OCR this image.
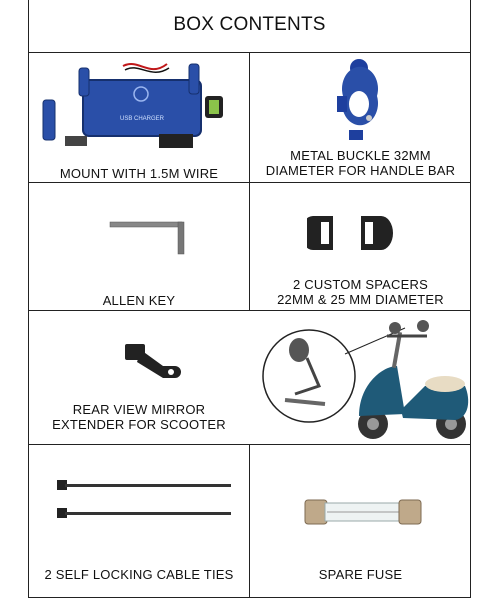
BOX CONTENTS
USB CHARGER
MOUNT WITH 1.5M WIRE
METAL BUCKLE 32MM
DIAMETER FOR HANDLE BAR
ALLEN KEY
2 CUSTOM SPACERS
22MM & 25 MM DIAMETER
REAR VIEW MIRROR
EXTENDER FOR SCOOTER
2 SELF LOCKING CABLE TIES	SPARE FUSE
